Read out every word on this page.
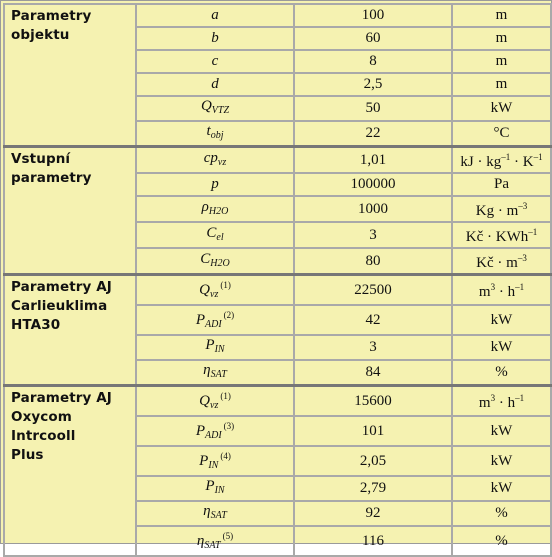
Parametry
objektu	a	100	m
	b	60	m
	c	8	m
	d	2,5	m
	$Q_{VTZ}$	50	kW
	$t_{obj}$	22	°C
Vstupní
parametry	$cp_{vz}$	1,01	kJ · $kg^{-1} \cdot K^{-1}$
	p	100000	Pa
	$\rho_{H2O}$	1000	$Kg \cdot m^{-3}$
	$C_{el}$	3	Kč · KWh$^{-1}$
	$C_{H2O}$	80	Kč · $m^{-3}$
Parametry AJ
Carlieuklima
HTA30	$Q_{vz}^{(1)}$	22500	$m^3 \cdot h^{-1}$
	$P_{ADI}^{(2)}$	42	kW
	$P_{IN}$	3	kW
	$\eta_{SAT}$	84	%
Parametry AJ
Oxycom Intrcooll
Plus	$Q_{vz}^{(1)}$	15600	$m^3 \cdot h^{-1}$
	$P_{ADI}^{(3)}$	101	kW
	$P_{IN}^{(4)}$	2,05	kW
	$P_{IN}$	2,79	kW
	$\eta_{SAT}$	92	%
	$\eta_{SAT}^{(5)}$	116	%
